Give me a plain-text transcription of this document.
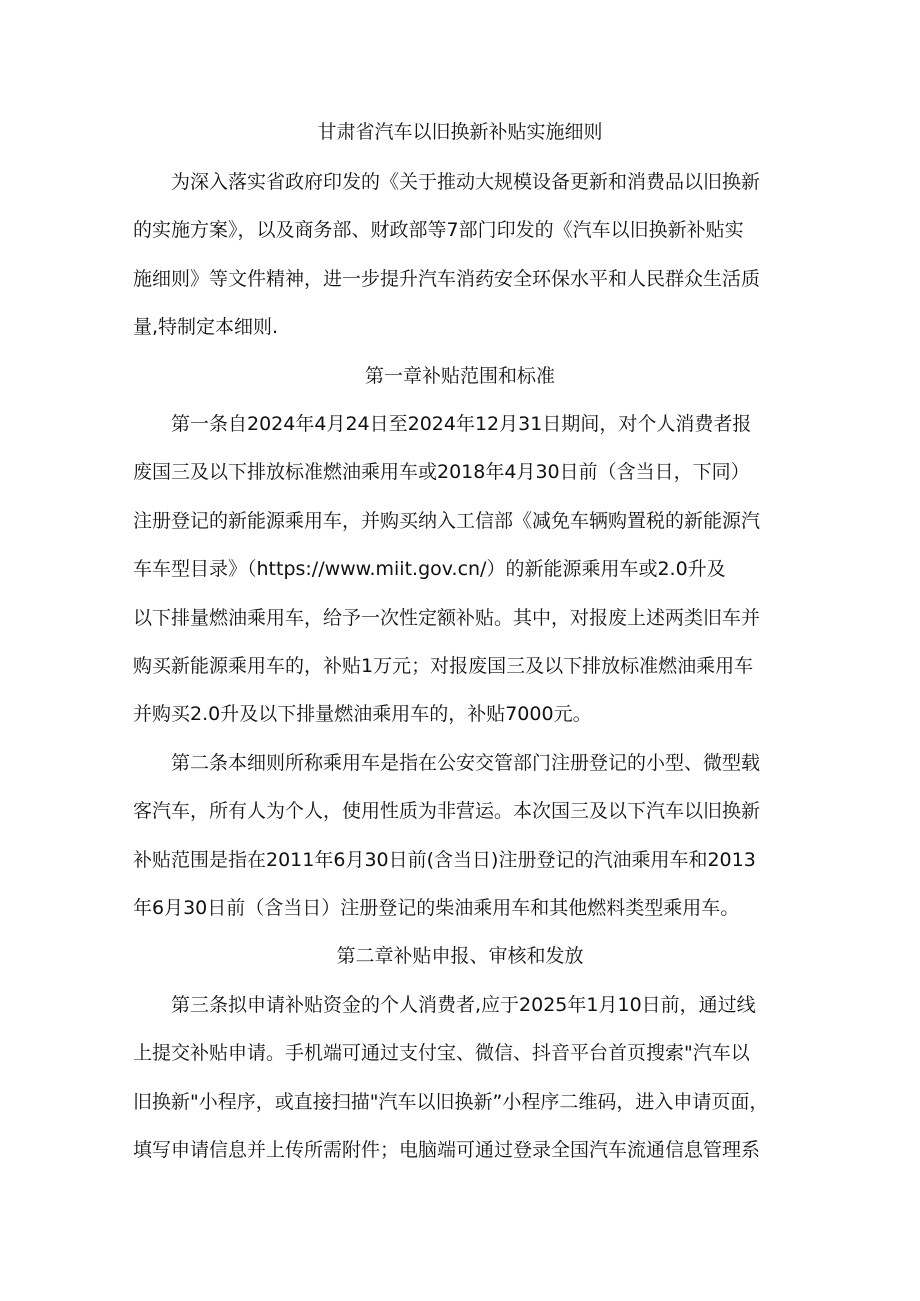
甘肃省汽车以旧换新补贴实施细则

为深入落实省政府印发的《关于推动大规模设备更新和消费品以旧换新

的实施方案》，以及商务部、财政部等7部门印发的《汽车以旧换新补贴实

施细则》等文件精神，进一步提升汽车消药安全环保水平和人民群众生活质

量,特制定本细则.

第一章补贴范围和标准

第一条自2024年4月24日至2024年12月31日期间，对个人消费者报

废国三及以下排放标准燃油乘用车或2018年4月30日前（含当日，下同）

注册登记的新能源乘用车，并购买纳入工信部《减免车辆购置税的新能源汽

车车型目录》（https://www.miit.gov.cn/）的新能源乘用车或2.0升及

以下排量燃油乘用车，给予一次性定额补贴。其中，对报废上述两类旧车并

购买新能源乘用车的，补贴1万元；对报废国三及以下排放标准燃油乘用车

并购买2.0升及以下排量燃油乘用车的，补贴7000元。

第二条本细则所称乘用车是指在公安交管部门注册登记的小型、微型载

客汽车，所有人为个人，使用性质为非营运。本次国三及以下汽车以旧换新

补贴范围是指在2011年6月30日前(含当日)注册登记的汽油乘用车和2013

年6月30日前（含当日）注册登记的柴油乘用车和其他燃料类型乘用车。

第二章补贴申报、审核和发放

第三条拟申请补贴资金的个人消费者,应于2025年1月10日前，通过线

上提交补贴申请。手机端可通过支付宝、微信、抖音平台首页搜索"汽车以

旧换新"小程序，或直接扫描"汽车以旧换新”小程序二维码，进入申请页面，

填写申请信息并上传所需附件；电脑端可通过登录全国汽车流通信息管理系
